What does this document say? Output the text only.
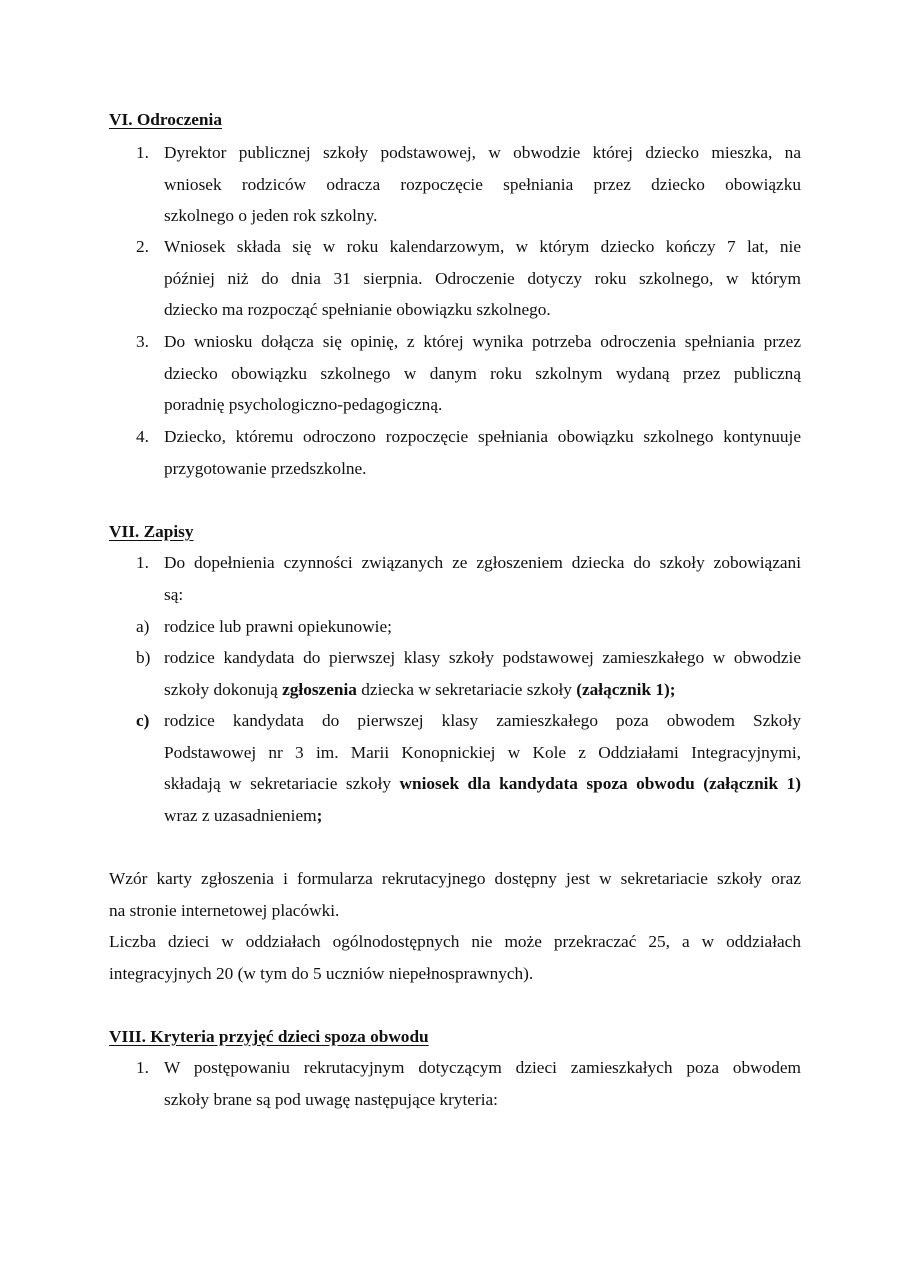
VI. Odroczenia
1. Dyrektor publicznej szkoły podstawowej, w obwodzie której dziecko mieszka, na
wniosek rodziców odracza rozpoczęcie spełniania przez dziecko obowiązku
szkolnego o jeden rok szkolny.
2. Wniosek składa się w roku kalendarzowym, w którym dziecko kończy 7 lat, nie
później niż do dnia 31 sierpnia. Odroczenie dotyczy roku szkolnego, w którym
dziecko ma rozpocząć spełnianie obowiązku szkolnego.
3. Do wniosku dołącza się opinię, z której wynika potrzeba odroczenia spełniania przez
dziecko obowiązku szkolnego w danym roku szkolnym wydaną przez publiczną
poradnię psychologiczno-pedagogiczną.
4. Dziecko, któremu odroczono rozpoczęcie spełniania obowiązku szkolnego kontynuuje
przygotowanie przedszkolne.
VII. Zapisy
1. Do dopełnienia czynności związanych ze zgłoszeniem dziecka do szkoły zobowiązani
są:
a) rodzice lub prawni opiekunowie;
b) rodzice kandydata do pierwszej klasy szkoły podstawowej zamieszkałego w obwodzie
szkoły dokonują zgłoszenia dziecka w sekretariacie szkoły (załącznik 1);
c) rodzice kandydata do pierwszej klasy zamieszkałego poza obwodem Szkoły
Podstawowej nr 3 im. Marii Konopnickiej w Kole z Oddziałami Integracyjnymi,
składają w sekretariacie szkoły wniosek dla kandydata spoza obwodu (załącznik 1)
wraz z uzasadnieniem;
Wzór karty zgłoszenia i formularza rekrutacyjnego dostępny jest w sekretariacie szkoły oraz
na stronie internetowej placówki.
Liczba dzieci w oddziałach ogólnodostępnych nie może przekraczać 25, a w oddziałach
integracyjnych 20 (w tym do 5 uczniów niepełnosprawnych).
VIII. Kryteria przyjęć dzieci spoza obwodu
1. W postępowaniu rekrutacyjnym dotyczącym dzieci zamieszkałych poza obwodem
szkoły brane są pod uwagę następujące kryteria:
